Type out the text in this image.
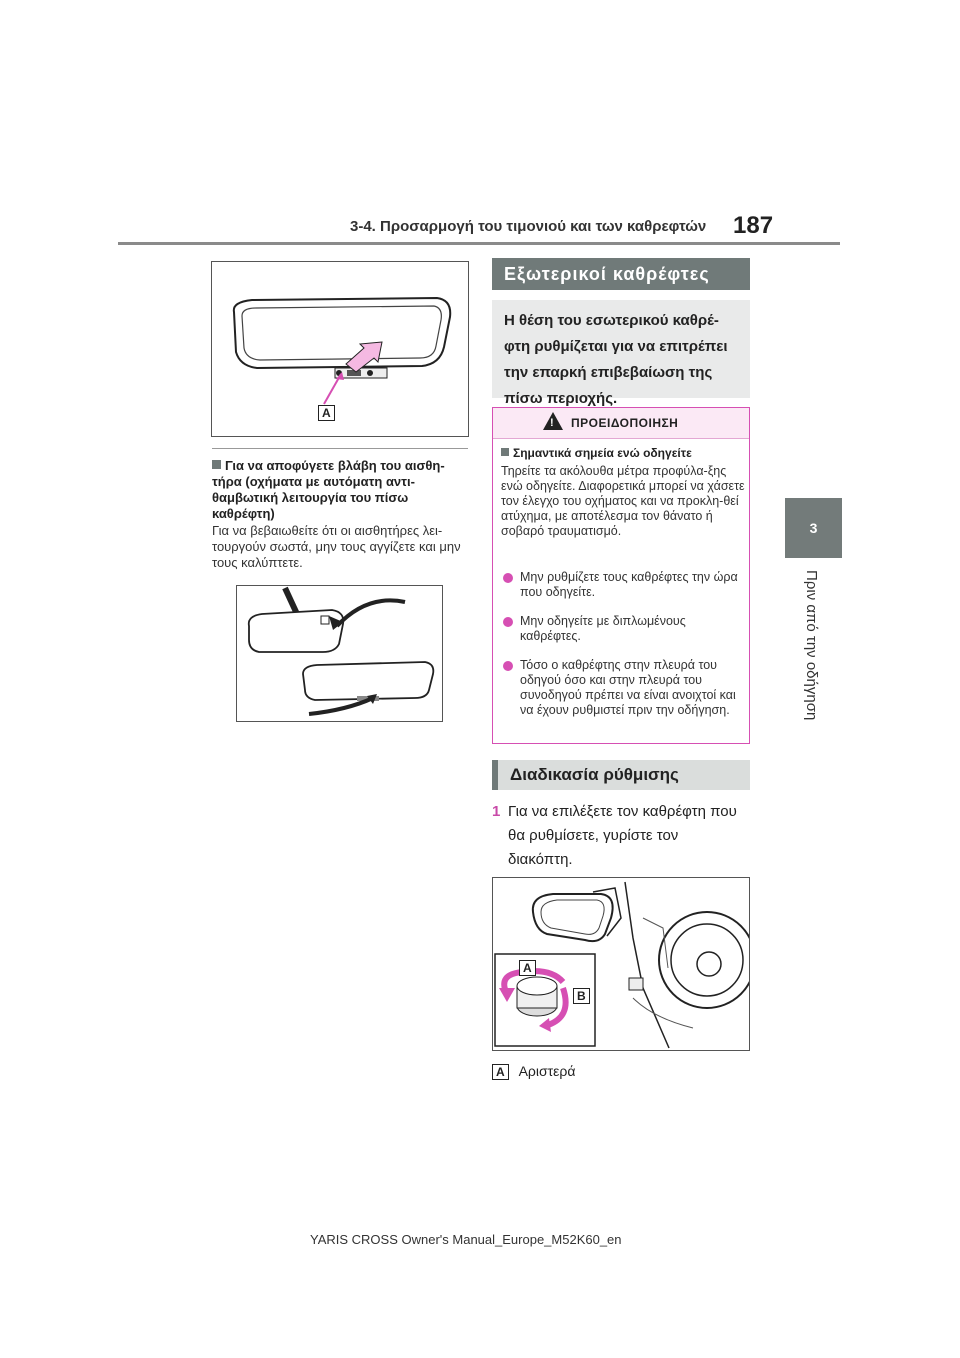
3-4. Προσαρμογή του τιμονιού και των καθρεφτών 187
3
Πριν από την οδήγηση
A
Για να αποφύγετε βλάβη του αισθη-τήρα (οχήματα με αυτόματη αντι-θαμβωτική λειτουργία του πίσω καθρέφτη)
Για να βεβαιωθείτε ότι οι αισθητήρες λει-τουργούν σωστά, μην τους αγγίζετε και μην τους καλύπτετε.
Εξωτερικοί καθρέφτες
Η θέση του εσωτερικού καθρέ-φτη ρυθμίζεται για να επιτρέπει την επαρκή επιβεβαίωση της πίσω περιοχής.
! ΠΡΟΕΙΔΟΠΟΙΗΣΗ
Σημαντικά σημεία ενώ οδηγείτε
Τηρείτε τα ακόλουθα μέτρα προφύλα-ξης ενώ οδηγείτε. Διαφορετικά μπορεί να χάσετε τον έλεγχο του οχήματος και να προκλη-θεί ατύχημα, με αποτέλεσμα τον θάνατο ή σοβαρό τραυματισμό.
Μην ρυθμίζετε τους καθρέφτες την ώρα που οδηγείτε.
Μην οδηγείτε με διπλωμένους καθρέφτες.
Τόσο ο καθρέφτης στην πλευρά του οδηγού όσο και στην πλευρά του συνοδηγού πρέπει να είναι ανοιχτοί και να έχουν ρυθμιστεί πριν την οδήγηση.
Διαδικασία ρύθμισης
1 Για να επιλέξετε τον καθρέφτη που θα ρυθμίσετε, γυρίστε τον διακόπτη.
A
B
A Αριστερά
YARIS CROSS Owner's Manual_Europe_M52K60_en
